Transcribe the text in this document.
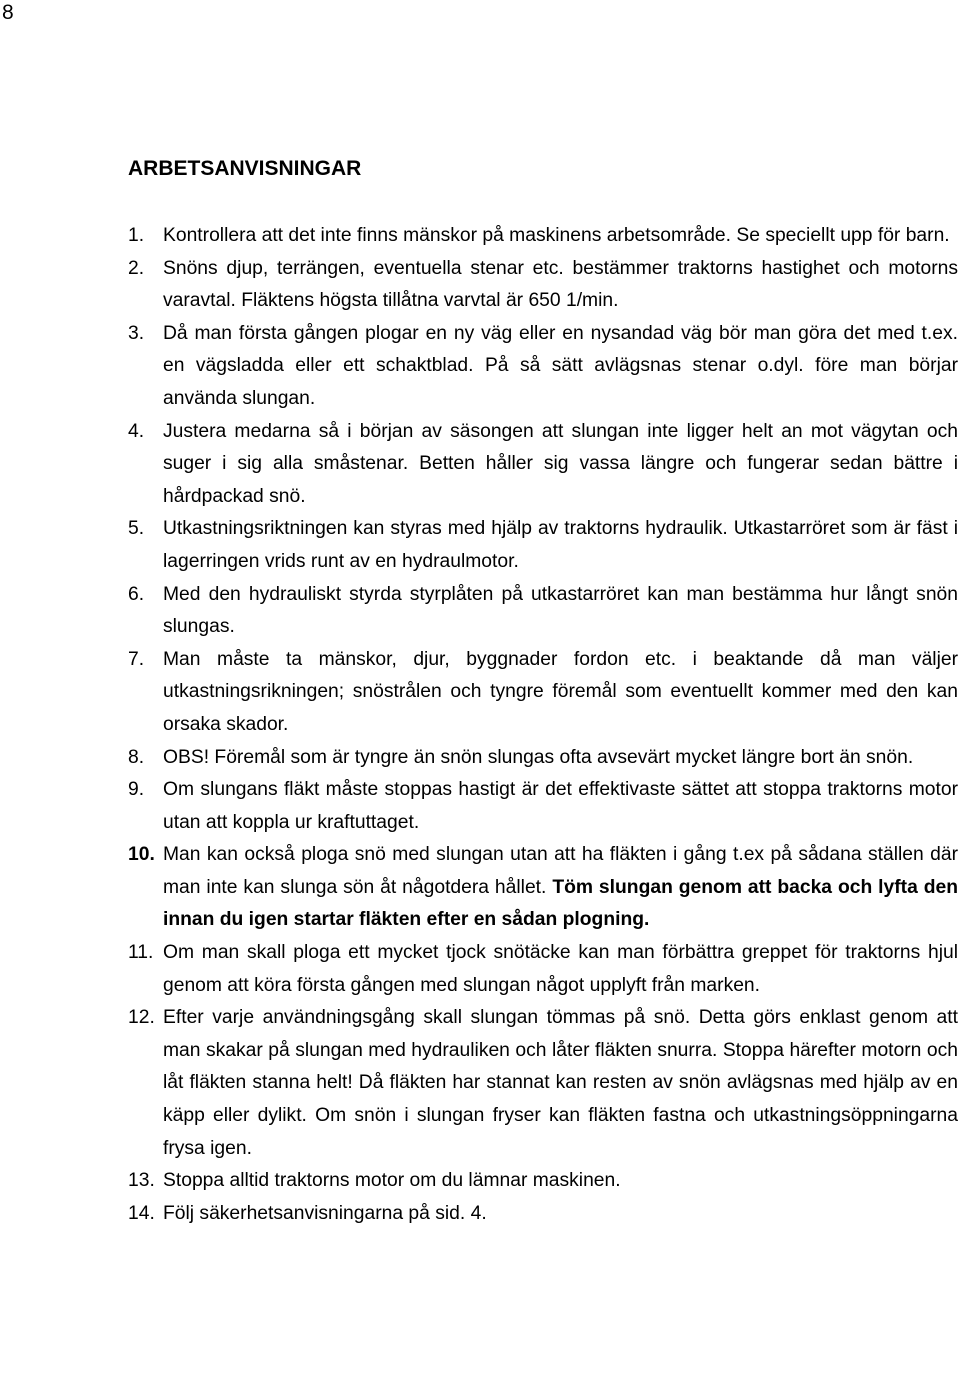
8
ARBETSANVISNINGAR
1. Kontrollera att det inte finns mänskor på maskinens arbetsområde. Se speciellt upp för barn.
2. Snöns djup, terrängen, eventuella stenar etc. bestämmer traktorns hastighet och motorns varavtal. Fläktens högsta tillåtna varvtal är 650 1/min.
3. Då man första gången plogar en ny väg eller en nysandad väg bör man göra det med t.ex. en vägsladda eller ett schaktblad. På så sätt avlägsnas stenar o.dyl. före man börjar använda slungan.
4. Justera medarna så i början av säsongen att slungan inte ligger helt an mot vägytan och suger i sig alla småstenar. Betten håller sig vassa längre och fungerar sedan bättre i hårdpackad snö.
5. Utkastningsriktningen kan styras med hjälp av traktorns hydraulik. Utkastarröret som är fäst i lagerringen vrids runt av en hydraulmotor.
6. Med den hydrauliskt styrda styrplåten på utkastarröret kan man bestämma hur långt snön slungas.
7. Man måste ta mänskor, djur, byggnader fordon etc. i beaktande då man väljer utkastningsrikningen; snöstrålen och tyngre föremål som eventuellt kommer med den kan orsaka skador.
8. OBS! Föremål som är tyngre än snön slungas ofta avsevärt mycket längre bort än snön.
9. Om slungans fläkt måste stoppas hastigt är det effektivaste sättet att stoppa traktorns motor utan att koppla ur kraftuttaget.
10. Man kan också ploga snö med slungan utan att ha fläkten i gång t.ex på sådana ställen där man inte kan slunga sön åt någotdera hållet. Töm slungan genom att backa och lyfta den innan du igen startar fläkten efter en sådan plogning.
11. Om man skall ploga ett mycket tjock snötäcke kan man förbättra greppet för traktorns hjul genom att köra första gången med slungan något upplyft från marken.
12. Efter varje användningsgång skall slungan tömmas på snö. Detta görs enklast genom att man skakar på slungan med hydrauliken och låter fläkten snurra. Stoppa härefter motorn och låt fläkten stanna helt! Då fläkten har stannat kan resten av snön avlägsnas med hjälp av en käpp eller dylikt. Om snön i slungan fryser kan fläkten fastna och utkastningsöppningarna frysa igen.
13. Stoppa alltid traktorns motor om du lämnar maskinen.
14. Följ säkerhetsanvisningarna på sid. 4.
